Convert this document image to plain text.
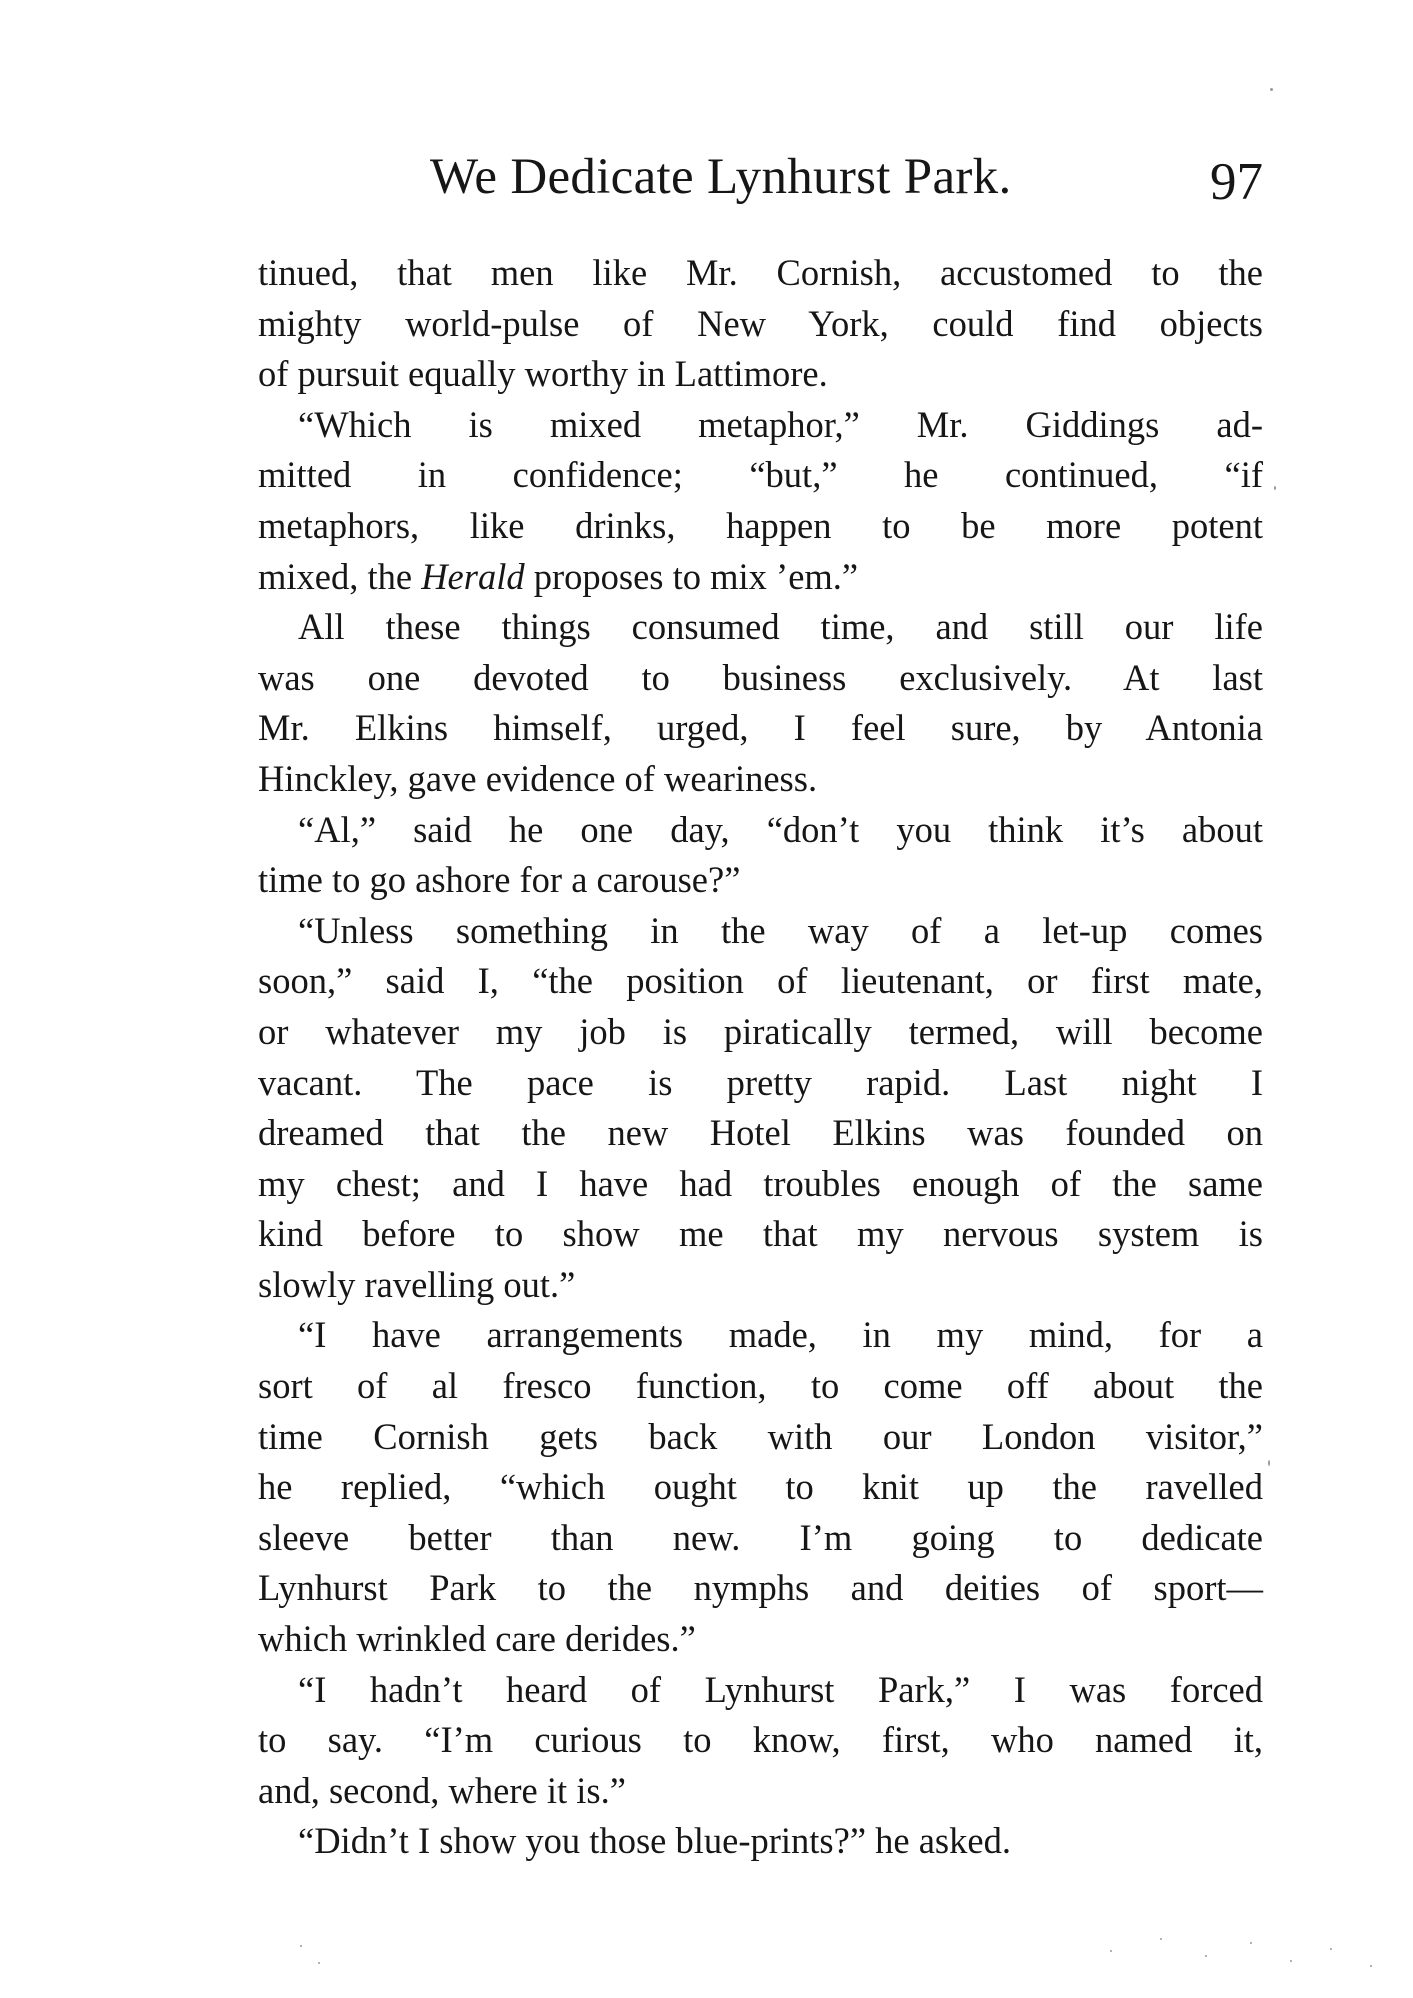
We Dedicate Lynhurst Park.	97
tinued, that men like Mr. Cornish, accustomed to the
mighty world-pulse of New York, could find objects
of pursuit equally worthy in Lattimore.
“Which is mixed metaphor,” Mr. Giddings ad-
mitted in confidence; “but,” he continued, “if
metaphors, like drinks, happen to be more potent
mixed, the Herald proposes to mix ’em.”
All these things consumed time, and still our life
was one devoted to business exclusively. At last
Mr. Elkins himself, urged, I feel sure, by Antonia
Hinckley, gave evidence of weariness.
“Al,” said he one day, “don’t you think it’s about
time to go ashore for a carouse?”
“Unless something in the way of a let-up comes
soon,” said I, “the position of lieutenant, or first mate,
or whatever my job is piratically termed, will become
vacant. The pace is pretty rapid. Last night I
dreamed that the new Hotel Elkins was founded on
my chest; and I have had troubles enough of the same
kind before to show me that my nervous system is
slowly ravelling out.”
“I have arrangements made, in my mind, for a
sort of al fresco function, to come off about the
time Cornish gets back with our London visitor,”
he replied, “which ought to knit up the ravelled
sleeve better than new. I’m going to dedicate
Lynhurst Park to the nymphs and deities of sport—
which wrinkled care derides.”
“I hadn’t heard of Lynhurst Park,” I was forced
to say. “I’m curious to know, first, who named it,
and, second, where it is.”
“Didn’t I show you those blue-prints?” he asked.
